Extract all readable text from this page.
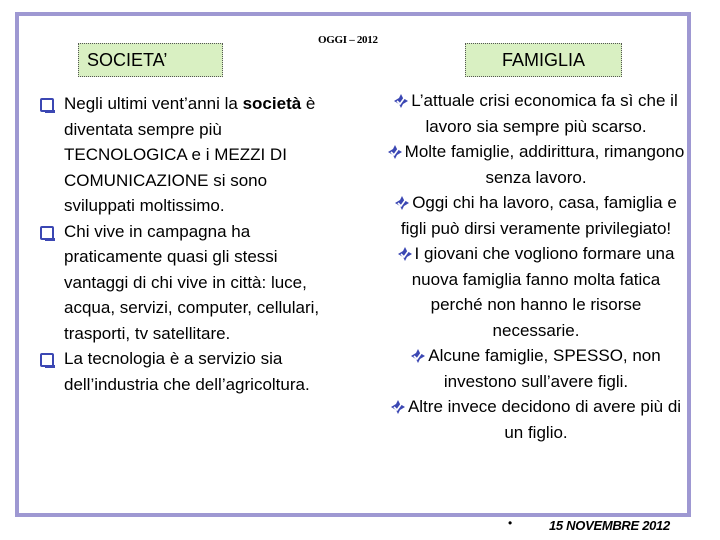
OGGI – 2012
SOCIETA’	FAMIGLIA
Negli ultimi vent’anni la società è diventata sempre più TECNOLOGICA e i MEZZI DI COMUNICAZIONE si sono sviluppati moltissimo.
Chi vive in campagna ha praticamente quasi gli stessi vantaggi di chi vive in città: luce, acqua, servizi, computer, cellulari, trasporti, tv satellitare.
La tecnologia è a servizio sia dell’industria che dell’agricoltura.
L’attuale crisi economica fa sì che il lavoro sia sempre più scarso.
Molte famiglie, addirittura, rimangono senza lavoro.
Oggi chi ha lavoro, casa, famiglia e figli può dirsi veramente privilegiato!
I giovani che vogliono formare una nuova famiglia fanno molta fatica perché non hanno le risorse necessarie.
Alcune famiglie, SPESSO, non investono sull’avere figli.
Altre invece decidono di avere più di un figlio.
•	15 NOVEMBRE 2012
